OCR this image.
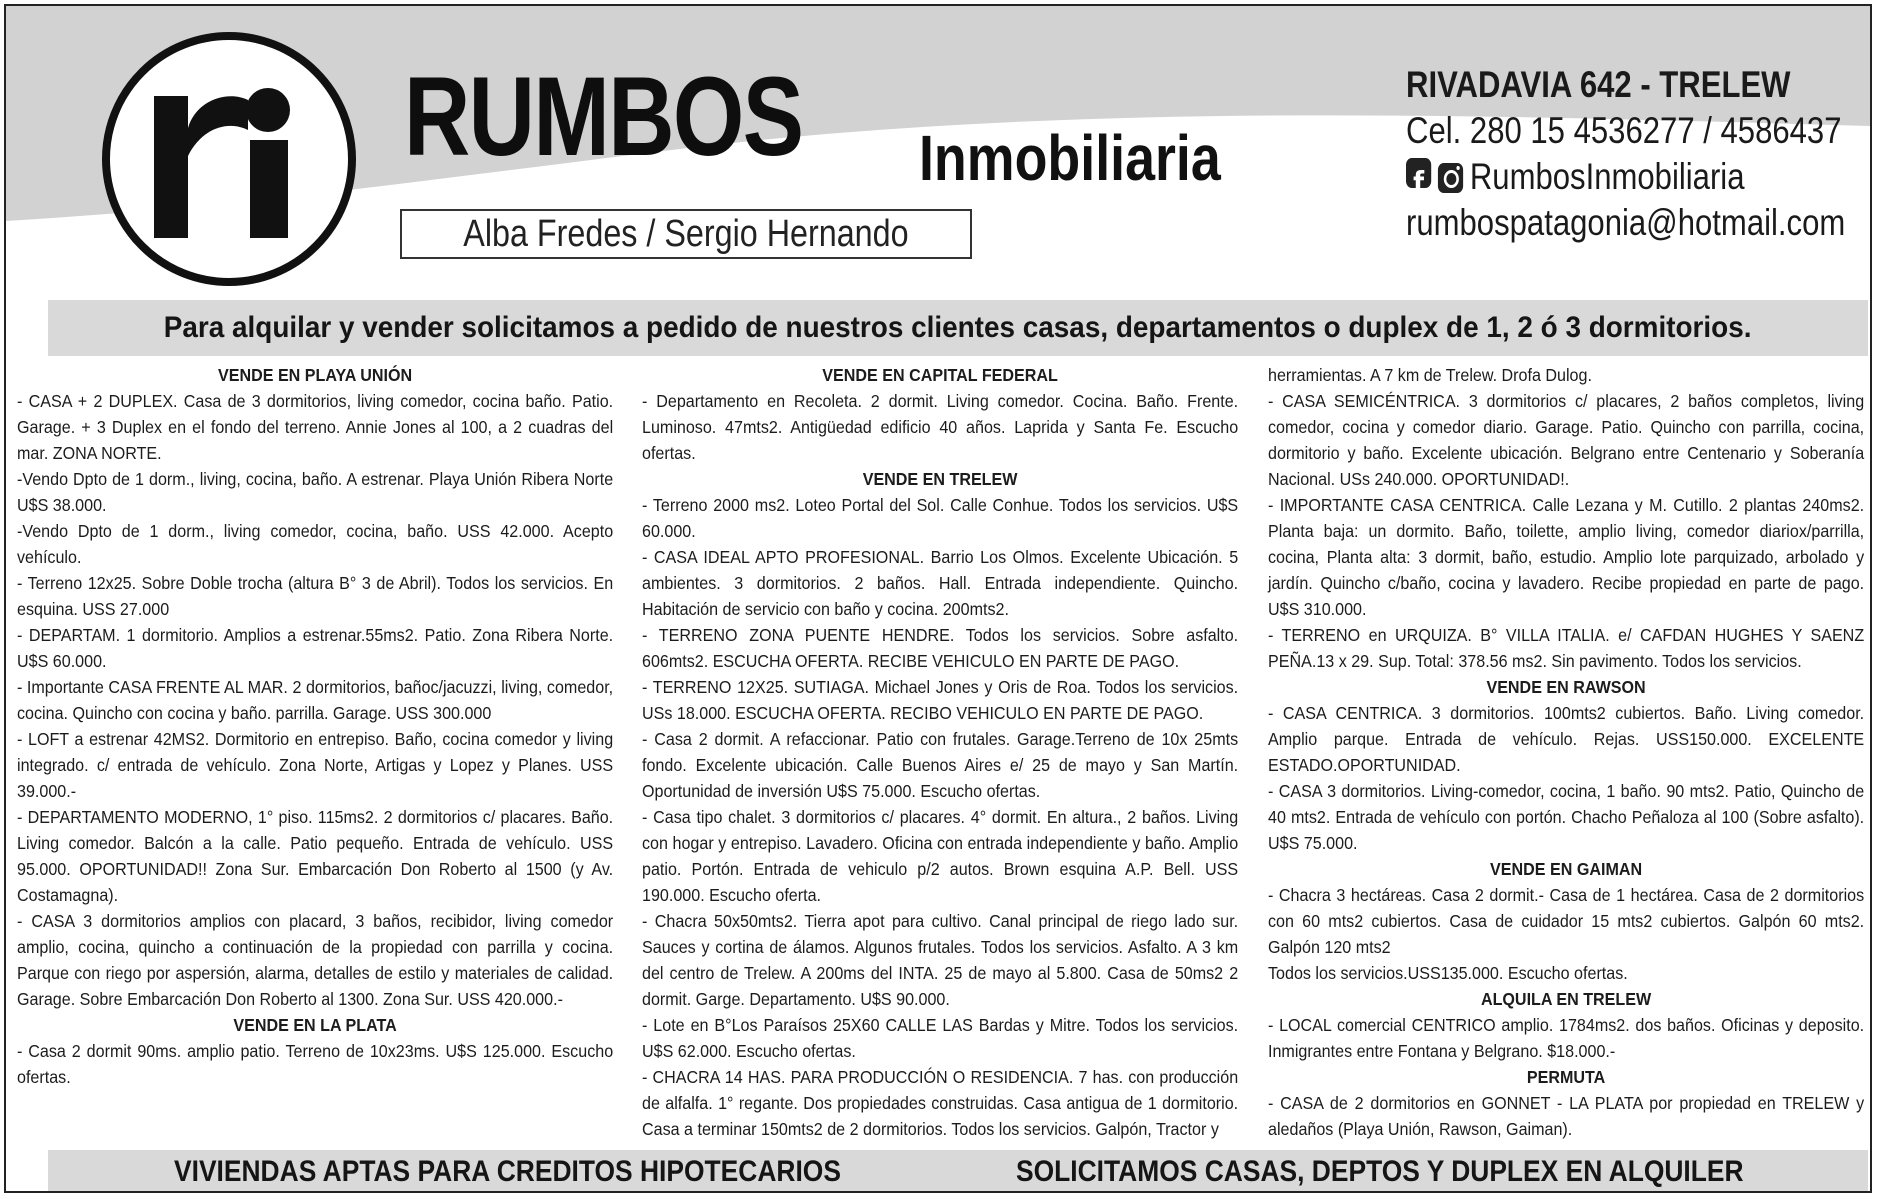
RUMBOS Inmobiliaria
Alba Fredes / Sergio Hernando
RIVADAVIA 642 - TRELEW
Cel. 280 15 4536277 / 4586437
f RumbosInmobiliaria
rumbospatagonia@hotmail.com
Para alquilar y vender solicitamos a pedido de nuestros clientes casas, departamentos o duplex de 1, 2 ó 3 dormitorios.
VENDE EN PLAYA UNIÓN
- CASA + 2 DUPLEX. Casa de 3 dormitorios, living comedor, cocina baño. Patio. Garage. + 3 Duplex en el fondo del terreno. Annie Jones al 100, a 2 cuadras del mar. ZONA NORTE.
-Vendo Dpto de 1 dorm., living, cocina, baño. A estrenar. Playa Unión Ribera Norte U$S 38.000.
-Vendo Dpto de 1 dorm., living comedor, cocina, baño. USS 42.000. Acepto vehículo.
- Terreno 12x25. Sobre Doble trocha (altura B° 3 de Abril). Todos los servicios. En esquina. USS 27.000
- DEPARTAM. 1 dormitorio. Amplios a estrenar.55ms2. Patio. Zona Ribera Norte. U$S 60.000.
- Importante CASA FRENTE AL MAR. 2 dormitorios, bañoc/jacuzzi, living, comedor, cocina. Quincho con cocina y baño. parrilla. Garage. USS 300.000
- LOFT a estrenar 42MS2. Dormitorio en entrepiso. Baño, cocina comedor y living integrado. c/ entrada de vehículo. Zona Norte, Artigas y Lopez y Planes. USS 39.000.-
- DEPARTAMENTO MODERNO, 1° piso. 115ms2. 2 dormitorios c/ placares. Baño. Living comedor. Balcón a la calle. Patio pequeño. Entrada de vehículo. USS 95.000. OPORTUNIDAD!! Zona Sur. Embarcación Don Roberto al 1500 (y Av. Costamagna).
- CASA 3 dormitorios amplios con placard, 3 baños, recibidor, living comedor amplio, cocina, quincho a continuación de la propiedad con parrilla y cocina. Parque con riego por aspersión, alarma, detalles de estilo y materiales de calidad. Garage. Sobre Embarcación Don Roberto al 1300. Zona Sur. USS 420.000.-
VENDE EN LA PLATA
- Casa 2 dormit 90ms. amplio patio. Terreno de 10x23ms. U$S 125.000. Escucho ofertas.
VENDE EN CAPITAL FEDERAL
- Departamento en Recoleta. 2 dormit. Living comedor. Cocina. Baño. Frente. Luminoso. 47mts2. Antigüedad edificio 40 años. Laprida y Santa Fe. Escucho ofertas.
VENDE EN TRELEW
- Terreno 2000 ms2. Loteo Portal del Sol. Calle Conhue. Todos los servicios. U$S 60.000.
- CASA IDEAL APTO PROFESIONAL. Barrio Los Olmos. Excelente Ubicación. 5 ambientes. 3 dormitorios. 2 baños. Hall. Entrada independiente. Quincho. Habitación de servicio con baño y cocina. 200mts2.
- TERRENO ZONA PUENTE HENDRE. Todos los servicios. Sobre asfalto. 606mts2. ESCUCHA OFERTA. RECIBE VEHICULO EN PARTE DE PAGO.
- TERRENO 12X25. SUTIAGA. Michael Jones y Oris de Roa. Todos los servicios. USs 18.000. ESCUCHA OFERTA. RECIBO VEHICULO EN PARTE DE PAGO.
- Casa 2 dormit. A refaccionar. Patio con frutales. Garage.Terreno de 10x 25mts fondo. Excelente ubicación. Calle Buenos Aires e/ 25 de mayo y San Martín. Oportunidad de inversión U$S 75.000. Escucho ofertas.
- Casa tipo chalet. 3 dormitorios c/ placares. 4° dormit. En altura., 2 baños. Living con hogar y entrepiso. Lavadero. Oficina con entrada independiente y baño. Amplio patio. Portón. Entrada de vehiculo p/2 autos. Brown esquina A.P. Bell. USS 190.000. Escucho oferta.
- Chacra 50x50mts2. Tierra apot para cultivo. Canal principal de riego lado sur. Sauces y cortina de álamos. Algunos frutales. Todos los servicios. Asfalto. A 3 km del centro de Trelew. A 200ms del INTA. 25 de mayo al 5.800. Casa de 50ms2 2 dormit. Garge. Departamento. U$S 90.000.
- Lote en B°Los Paraísos 25X60 CALLE LAS Bardas y Mitre. Todos los servicios. U$S 62.000. Escucho ofertas.
- CHACRA 14 HAS. PARA PRODUCCIÓN O RESIDENCIA. 7 has. con producción de alfalfa. 1° regante. Dos propiedades construidas. Casa antigua de 1 dormitorio. Casa a terminar 150mts2 de 2 dormitorios. Todos los servicios. Galpón, Tractor y
herramientas. A 7 km de Trelew. Drofa Dulog.
- CASA SEMICÉNTRICA. 3 dormitorios c/ placares, 2 baños completos, living comedor, cocina y comedor diario. Garage. Patio. Quincho con parrilla, cocina, dormitorio y baño. Excelente ubicación. Belgrano entre Centenario y Soberanía Nacional. USs 240.000. OPORTUNIDAD!.
- IMPORTANTE CASA CENTRICA. Calle Lezana y M. Cutillo. 2 plantas 240ms2. Planta baja: un dormito. Baño, toilette, amplio living, comedor diariox/parrilla, cocina, Planta alta: 3 dormit, baño, estudio. Amplio lote parquizado, arbolado y jardín. Quincho c/baño, cocina y lavadero. Recibe propiedad en parte de pago. U$S 310.000.
- TERRENO en URQUIZA. B° VILLA ITALIA. e/ CAFDAN HUGHES Y SAENZ PEÑA.13 x 29. Sup. Total: 378.56 ms2. Sin pavimento. Todos los servicios.
VENDE EN RAWSON
- CASA CENTRICA. 3 dormitorios. 100mts2 cubiertos. Baño. Living comedor. Amplio parque. Entrada de vehículo. Rejas. USS150.000. EXCELENTE ESTADO.OPORTUNIDAD.
- CASA 3 dormitorios. Living-comedor, cocina, 1 baño. 90 mts2. Patio, Quincho de 40 mts2. Entrada de vehículo con portón. Chacho Peñaloza al 100 (Sobre asfalto). U$S 75.000.
VENDE EN GAIMAN
- Chacra 3 hectáreas. Casa 2 dormit.- Casa de 1 hectárea. Casa de 2 dormitorios con 60 mts2 cubiertos. Casa de cuidador 15 mts2 cubiertos. Galpón 60 mts2. Galpón 120 mts2
Todos los servicios.USS135.000. Escucho ofertas.
ALQUILA EN TRELEW
- LOCAL comercial CENTRICO amplio. 1784ms2. dos baños. Oficinas y deposito. Inmigrantes entre Fontana y Belgrano. $18.000.-
PERMUTA
- CASA de 2 dormitorios en GONNET - LA PLATA por propiedad en TRELEW y aledaños (Playa Unión, Rawson, Gaiman).
VIVIENDAS APTAS PARA CREDITOS HIPOTECARIOS	SOLICITAMOS CASAS, DEPTOS Y DUPLEX EN ALQUILER
